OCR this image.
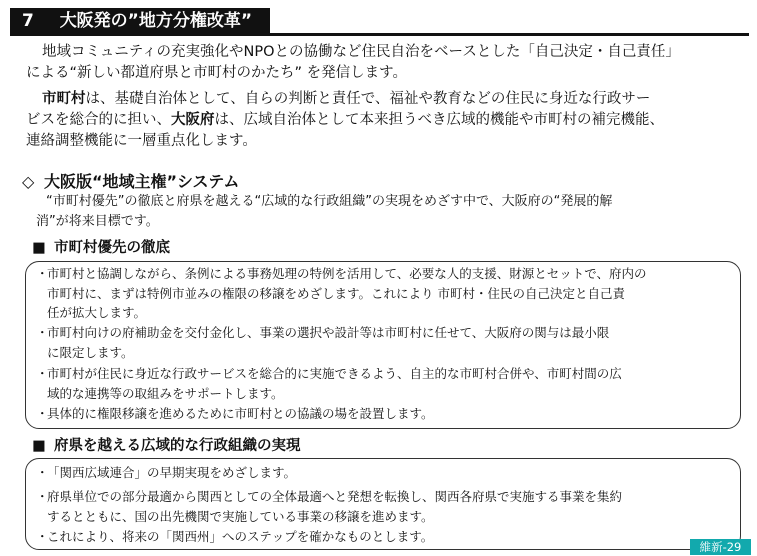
7 大阪発の”地方分権改革”
地域コミュニティの充実強化やNPOとの協働など住民自治をベースとした「自己決定・自己責任」
による“新しい都道府県と市町村のかたち” を発信します。
市町村は、基礎自治体として、自らの判断と責任で、福祉や教育などの住民に身近な行政サー
ビスを総合的に担い、大阪府は、広域自治体として本来担うべき広域的機能や市町村の補完機能、
連絡調整機能に一層重点化します。
◇ 大阪版“地域主権”システム
“市町村優先”の徹底と府県を越える“広域的な行政組織”の実現をめざす中で、大阪府の“発展的解
消”が将来目標です。
■ 市町村優先の徹底
・
市町村と協調しながら、条例による事務処理の特例を活用して、必要な人的支援、財源とセットで、府内の
市町村に、まずは特例市並みの権限の移譲をめざします。これにより 市町村・住民の自己決定と自己責
任が拡大します。
・
市町村向けの府補助金を交付金化し、事業の選択や設計等は市町村に任せて、大阪府の関与は最小限
に限定します。
・
市町村が住民に身近な行政サービスを総合的に実施できるよう、自主的な市町村合併や、市町村間の広
域的な連携等の取組みをサポートします。
・
具体的に権限移譲を進めるために市町村との協議の場を設置します。
■ 府県を越える広域的な行政組織の実現
・
「関西広域連合」の早期実現をめざします。
・
府県単位での部分最適から関西としての全体最適へと発想を転換し、関西各府県で実施する事業を集約
するとともに、国の出先機関で実施している事業の移譲を進めます。
・
これにより、将来の「関西州」へのステップを確かなものとします。
維新-29
